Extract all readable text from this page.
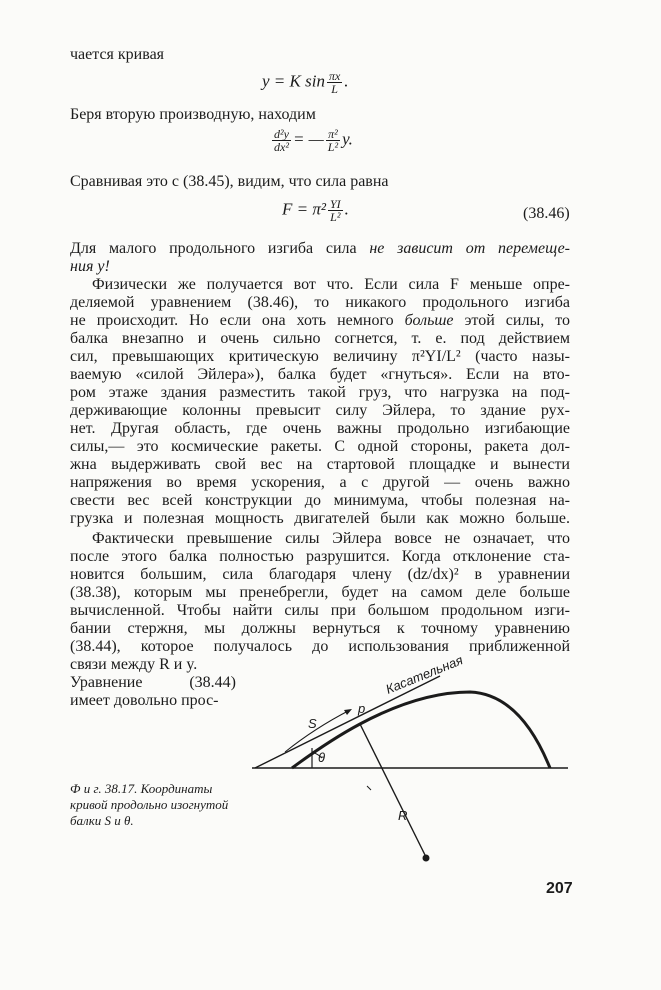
чается кривая
y = K $\sin \frac{\pi x}{L}$ .
Беря вторую производную, находим
$\frac{\text{d²y}}{\text{dx²}}$ = — $\frac{\text{π²}}{\text{L²}} y$.
Сравнивая это с (38.45), видим, что сила равна
$F = \pi^2 \frac{YI}{\text{L²}}$ .	(38.46)
Для малого продольного изгиба сила не зависит от перемеще-
ния y!
Физически же получается вот что. Если сила F меньше опре-
деляемой уравнением (38.46), то никакого продольного изгиба
не происходит. Но если она хоть немного больше этой силы, то
балка внезапно и очень сильно согнется, т. е. под действием
сил, превышающих критическую величину π²YI/L² (часто назы-
ваемую «силой Эйлера»), балка будет «гнуться». Если на вто-
ром этаже здания разместить такой груз, что нагрузка на под-
держивающие колонны превысит силу Эйлера, то здание рух-
нет. Другая область, где очень важны продольно изгибающие
силы,— это космические ракеты. С одной стороны, ракета дол-
жна выдерживать свой вес на стартовой площадке и вынести
напряжения во время ускорения, а с другой — очень важно
свести вес всей конструкции до минимума, чтобы полезная на-
грузка и полезная мощность двигателей были как можно больше.
Фактически превышение силы Эйлера вовсе не означает, что
после этого балка полностью разрушится. Когда отклонение ста-
новится большим, сила благодаря члену (dz/dx)² в уравнении
(38.38), которым мы пренебрегли, будет на самом деле больше
вычисленной. Чтобы найти силы при большом продольном изги-
бании стержня, мы должны вернуться к точному уравнению
(38.44), которое получалось до использования приближенной
связи между R и y.
Уравнение	(38.44)
имеет довольно прос-
Касательная
S
p
θ
R
Ф и г. 38.17. Координаты кривой продольно изогнутой балки S и θ.
207
